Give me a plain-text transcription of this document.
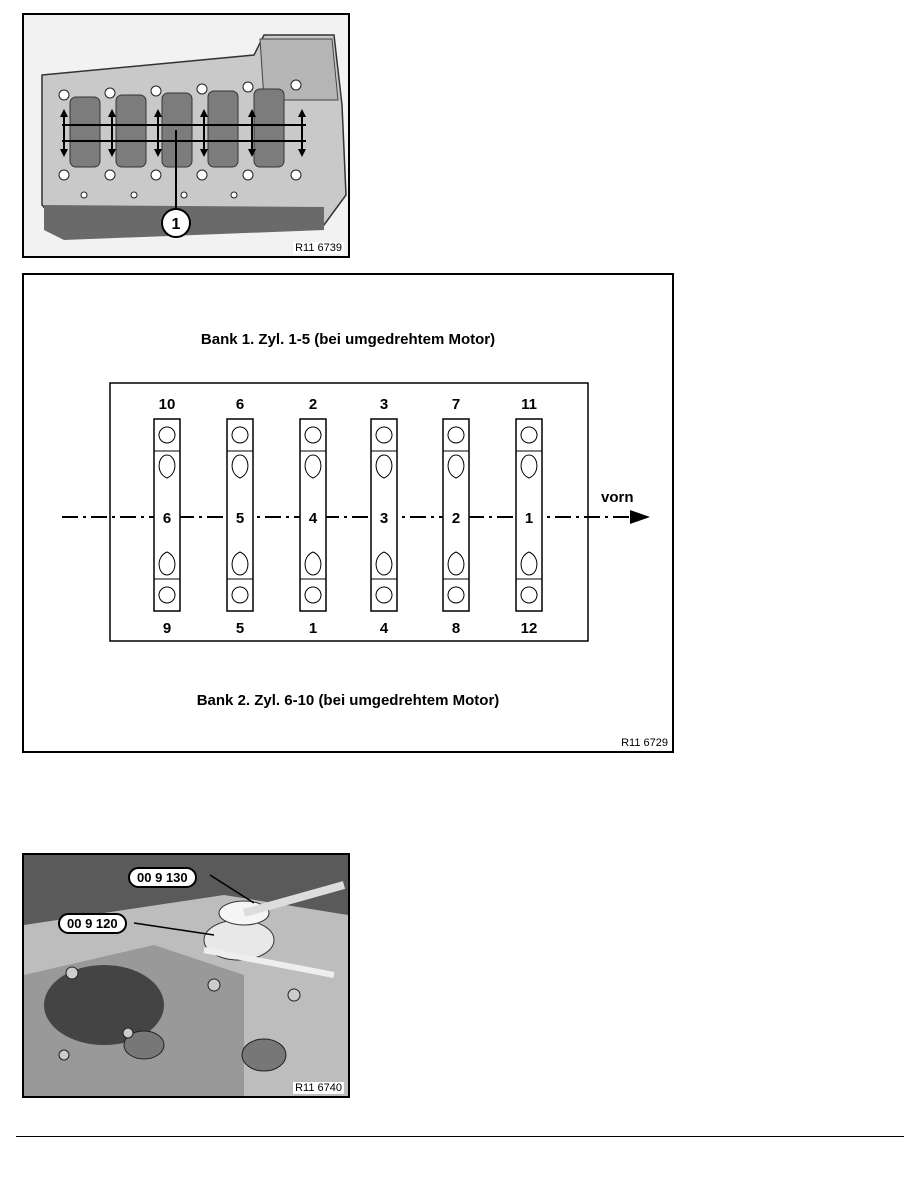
1
R11 6739
Bank 1. Zyl. 1-5 (bei umgedrehtem Motor)
Bank 2. Zyl. 6-10 (bei umgedrehtem Motor)
10
6
9
6
5
5
2
4
1
3
3
4
7
2
8
11
1
12
vorn
R11 6729
00 9 130
00 9 120
R11 6740
